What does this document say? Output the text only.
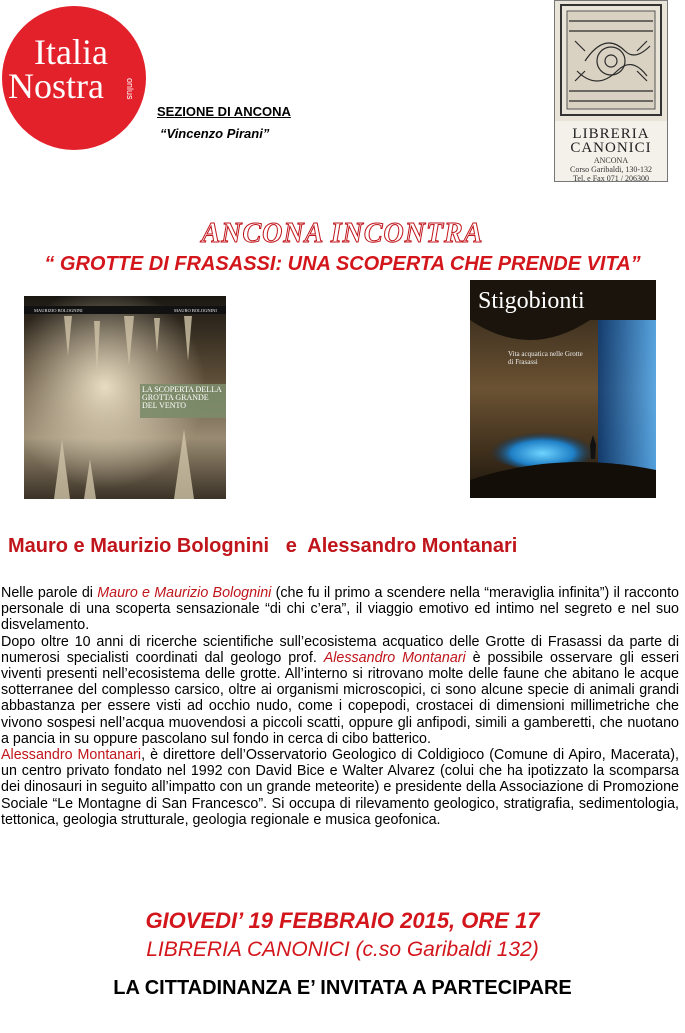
Italia
Nostra onlus
SEZIONE DI ANCONA
“Vincenzo Pirani”	LIBRERIA CANONICI
ANCONA
Corso Garibaldi, 130-132
Tel. e Fax 071 / 206300
ANCONA INCONTRA
“ GROTTE DI FRASASSI: UNA SCOPERTA CHE PRENDE VITA”
MAURIZIO BOLOGNINI	MAURO BOLOGNINI
LA SCOPERTA DELLA GROTTA GRANDE DEL VENTO
Stigobionti
Vita acquatica nelle Grotte di Frasassi
Mauro e Maurizio Bolognini   e  Alessandro Montanari

Nelle parole di Mauro e Maurizio Bolognini (che fu il primo a scendere nella “meraviglia infinita”) il racconto personale di una scoperta sensazionale “di chi c’era”, il viaggio emotivo ed intimo nel segreto e nel suo disvelamento.

Dopo oltre 10 anni di ricerche scientifiche sull’ecosistema acquatico delle Grotte di Frasassi da parte di numerosi specialisti coordinati dal geologo prof. Alessandro Montanari è possibile osservare gli esseri viventi presenti nell’ecosistema delle grotte. All’interno si ritrovano molte delle faune che abitano le acque sotterranee del complesso carsico, oltre ai organismi microscopici, ci sono alcune specie di animali grandi abbastanza per essere visti ad occhio nudo, come i copepodi, crostacei di dimensioni millimetriche che vivono sospesi nell’acqua muovendosi a piccoli scatti, oppure gli anfipodi, simili a gamberetti, che nuotano a pancia in su oppure pascolano sul fondo in cerca di cibo batterico.

Alessandro Montanari, è direttore dell’Osservatorio Geologico di Coldigioco (Comune di Apiro, Macerata), un centro privato fondato nel 1992 con David Bice e Walter Alvarez (colui che ha ipotizzato la scomparsa dei dinosauri in seguito all’impatto con un grande meteorite) e presidente della Associazione di Promozione Sociale “Le Montagne di San Francesco”. Si occupa di rilevamento geologico, stratigrafia, sedimentologia, tettonica, geologia strutturale, geologia regionale e musica geofonica.

GIOVEDI’ 19 FEBBRAIO 2015, ORE 17
LIBRERIA CANONICI (c.so Garibaldi 132)
LA CITTADINANZA E’ INVITATA A PARTECIPARE
